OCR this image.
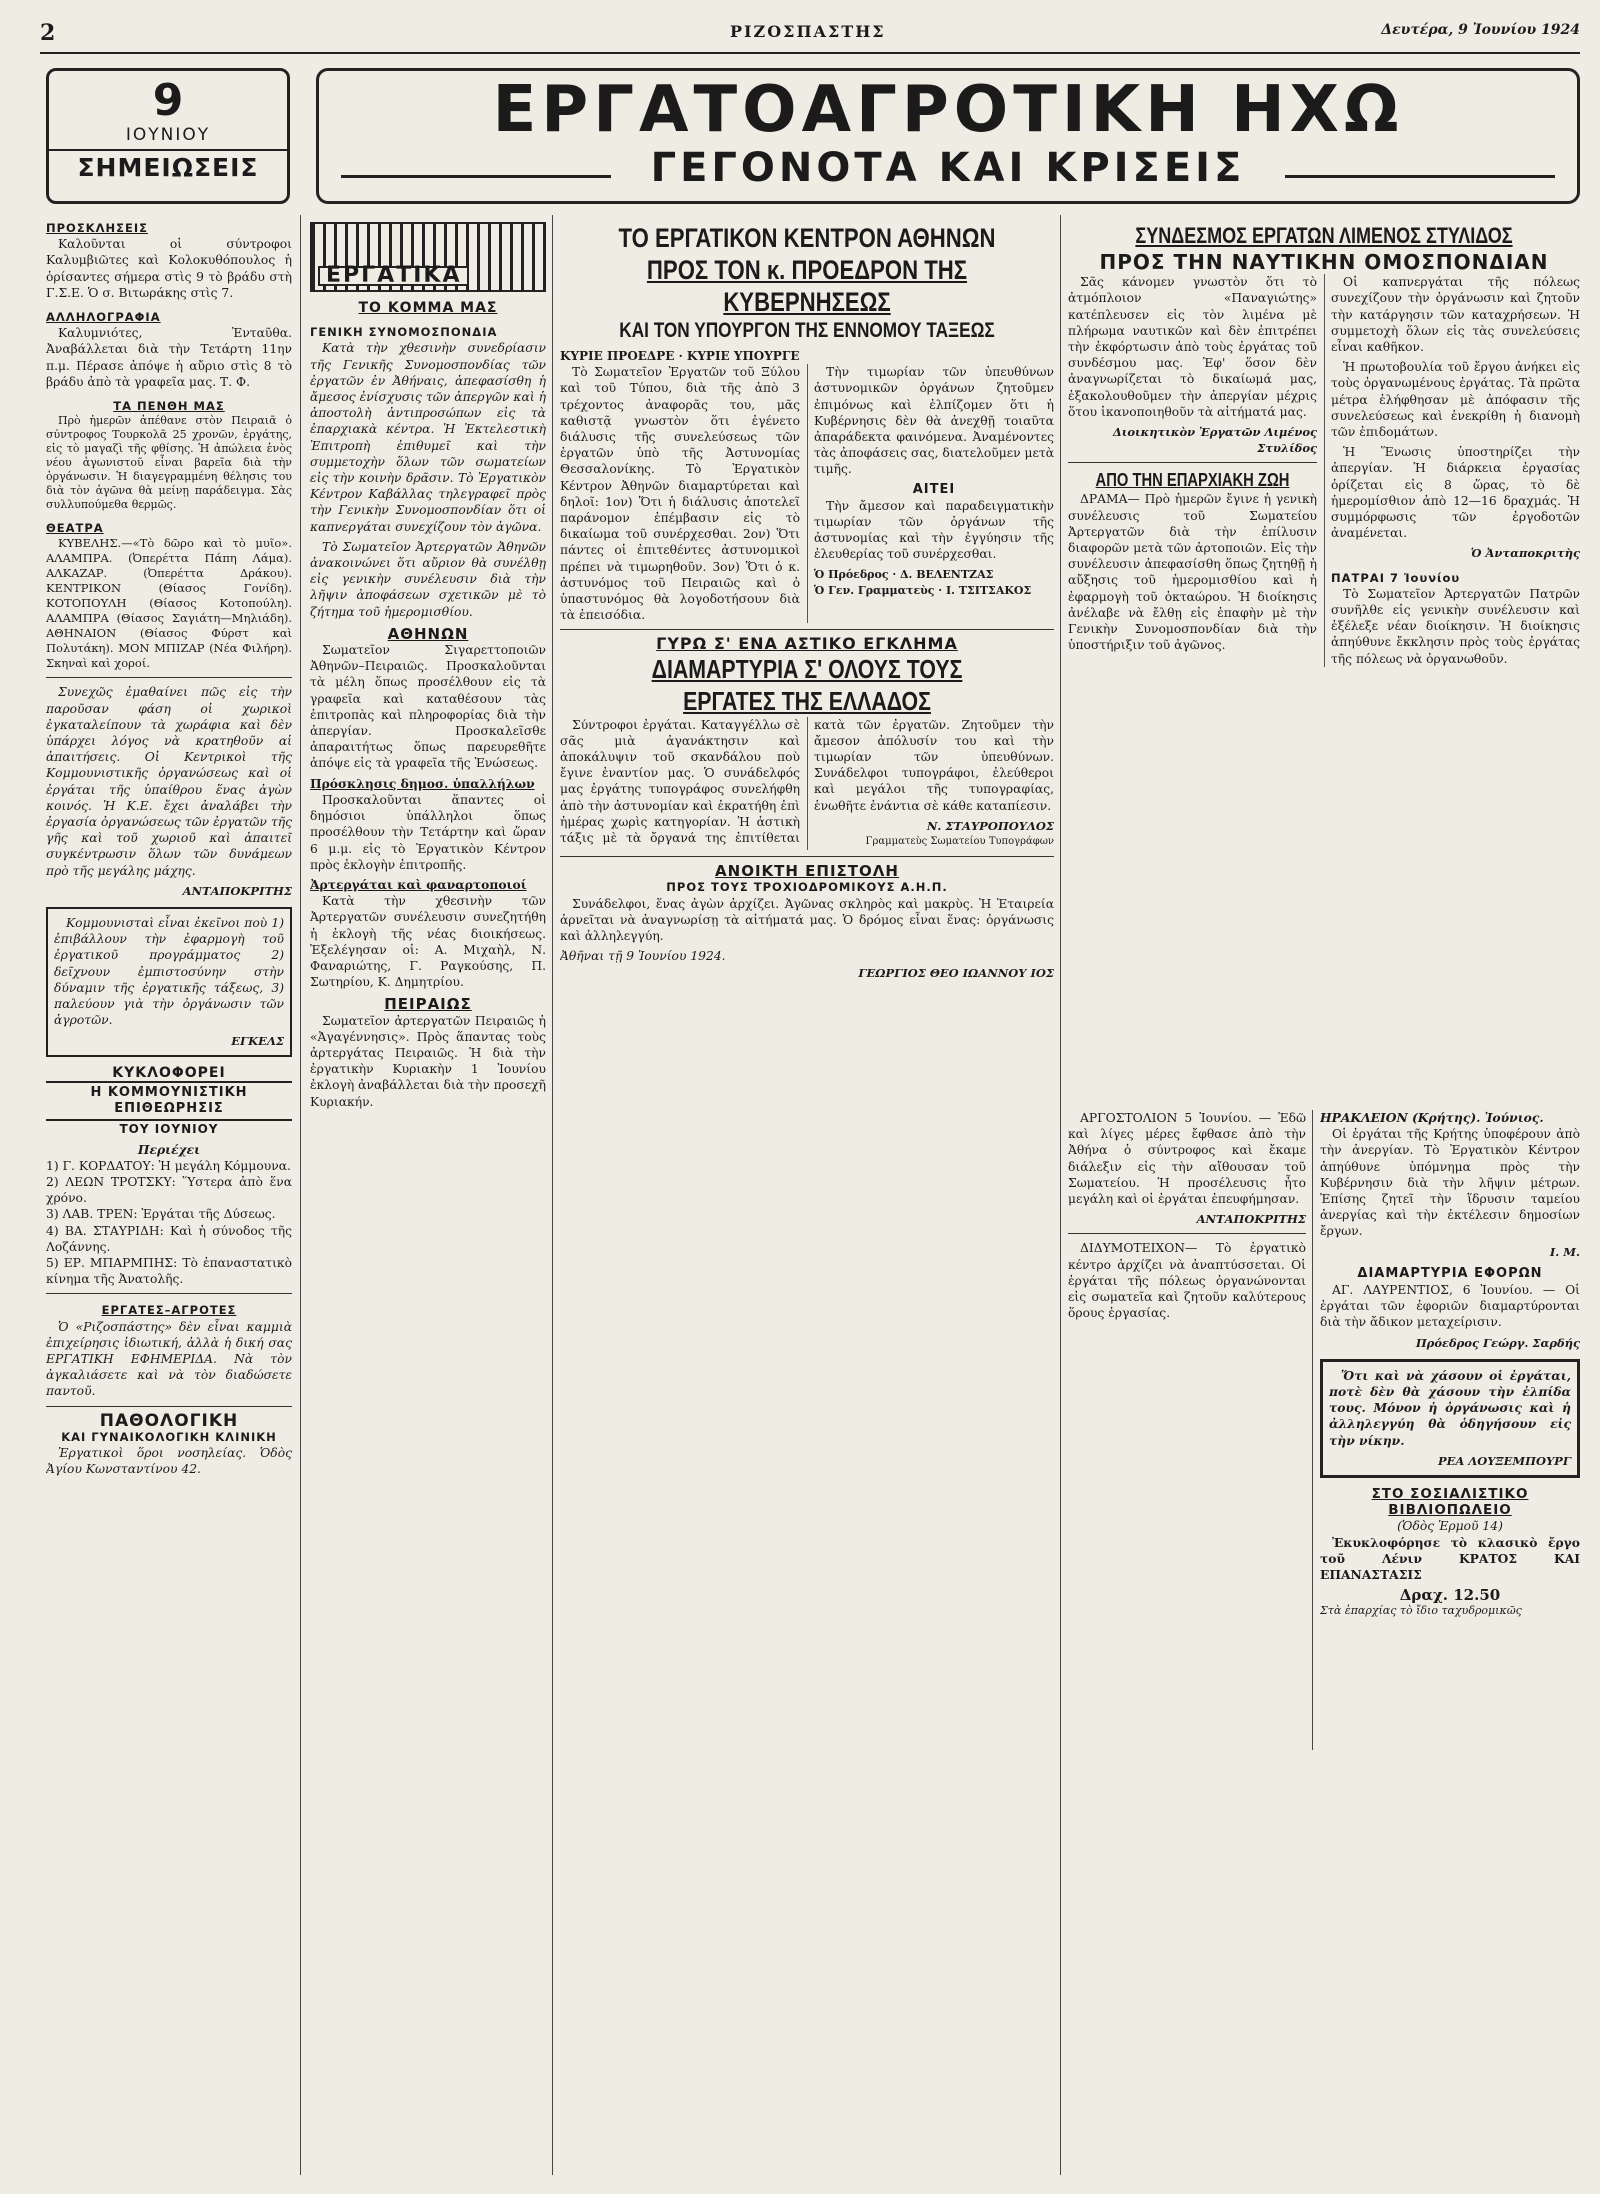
2	ΡΙΖΟΣΠΑΣΤΗΣ	Δευτέρα, 9 Ἰουνίου 1924
9
ΙΟΥΝΙΟΥ
ΣΗΜΕΙΩΣΕΙΣ
ΕΡΓΑΤΟΑΓΡΟΤΙΚΗ ΗΧΩ
ΓΕΓΟΝΟΤΑ ΚΑΙ ΚΡΙΣΕΙΣ
ΠΡΟΣΚΛΗΣΕΙΣ

Καλοῦνται οἱ σύντροφοι Καλυμβιῶτες καὶ Κολοκυθόπουλος ἡ ὁρίσαντες σήμερα στὶς 9 τὸ βράδυ στὴ Γ.Σ.Ε. Ὁ σ. Βιτωράκης στὶς 7.

ΑΛΛΗΛΟΓΡΑΦΙΑ

Καλυμνιότες, Ἐνταῦθα. Ἀναβάλλεται διὰ τὴν Τετάρτη 11ην π.μ. Πέρασε ἀπόψε ἡ αὔριο στὶς 8 τὸ βράδυ ἀπὸ τὰ γραφεῖα μας. Τ. Φ.

ΤΑ ΠΕΝΘΗ ΜΑΣ

Πρὸ ἡμερῶν ἀπέθανε στὸν Πειραιᾶ ὁ σύντροφος Τουρκολᾶ 25 χρονῶν, ἐργάτης, εἰς τὸ μαγαζὶ τῆς φθίσης. Ἡ ἀπώλεια ἑνὸς νέου ἀγωνιστοῦ εἶναι βαρεῖα διὰ τὴν ὀργάνωσιν. Ἡ διαγεγραμμένη θέλησις του διὰ τὸν ἀγῶνα θὰ μείνῃ παράδειγμα. Σὰς συλλυπούμεθα θερμῶς.

ΘΕΑΤΡΑ

ΚΥΒΕΛΗΣ.—«Τὸ δῶρο καὶ τὸ μυῖο». ΑΛΑΜΠΡΑ. (Ὀπερέττα Πάπη Λάμα). ΑΛΚΑΖΑΡ. (Ὀπερέττα Δράκου). ΚΕΝΤΡΙΚΟΝ (Θίασος Γονίδη). ΚΟΤΟΠΟΥΛΗ (Θίασος Κοτοπούλη). ΑΛΑΜΠΡΑ (Θίασος Σαγιάτη—Μηλιάδη). ΑΘΗΝΑΙΟΝ (Θίασος Φύρστ καὶ Πολυτάκη). ΜΟΝ ΜΠΙΖΑΡ (Νέα Φιλήρη). Σκηναὶ καὶ χοροί.

Συνεχῶς ἐμαθαίνει πῶς εἰς τὴν παροῦσαν φάση οἱ χωρικοὶ ἐγκαταλείπουν τὰ χωράφια καὶ δὲν ὑπάρχει λόγος νὰ κρατηθοῦν αἱ ἀπαιτήσεις. Οἱ Κεντρικοὶ τῆς Κομμουνιστικῆς ὀργανώσεως καὶ οἱ ἐργάται τῆς ὑπαίθρου ἕνας ἀγὼν κοινός. Ἡ Κ.Ε. ἔχει ἀναλάβει τὴν ἐργασία ὀργανώσεως τῶν ἐργατῶν τῆς γῆς καὶ τοῦ χωριοῦ καὶ ἀπαιτεῖ συγκέντρωσιν ὅλων τῶν δυνάμεων πρὸ τῆς μεγάλης μάχης.

ΑΝΤΑΠΟΚΡΙΤΗΣ

Κομμουνισταὶ εἶναι ἐκεῖνοι ποὺ 1) ἐπιβάλλουν τὴν ἐφαρμογὴ τοῦ ἐργατικοῦ προγράμματος 2) δεῖχνουν ἐμπιστοσύνην στὴν δύναμιν τῆς ἐργατικῆς τάξεως, 3) παλεύουν γιὰ τὴν ὀργάνωσιν τῶν ἀγροτῶν.

ΕΓΚΕΛΣ
ΚΥΚΛΟΦΟΡΕΙ
Η ΚΟΜΜΟΥΝΙΣΤΙΚΗ ΕΠΙΘΕΩΡΗΣΙΣ
ΤΟΥ ΙΟΥΝΙΟΥ
Περιέχει
1) Γ. ΚΟΡΔΑΤΟΥ: Ἡ μεγάλη Κόμμουνα.
2) ΛΕΩΝ ΤΡΟΤΣΚΥ: Ὕστερα ἀπὸ ἕνα χρόνο.
3) ΛΑΒ. ΤΡΕΝ: Ἐργάται τῆς Δύσεως.
4) ΒΑ. ΣΤΑΥΡΙΔΗ: Καὶ ἡ σύνοδος τῆς Λοζάννης.
5) ΕΡ. ΜΠΑΡΜΠΗΣ: Τὸ ἐπαναστατικὸ κίνημα τῆς Ἀνατολῆς.
ΕΡΓΑΤΕΣ–ΑΓΡΟΤΕΣ

Ὁ «Ριζοσπάστης» δὲν εἶναι καμμιὰ ἐπιχείρησις ἰδιωτική, ἀλλὰ ἡ δική σας ΕΡΓΑΤΙΚΗ ΕΦΗΜΕΡΙΔΑ. Νὰ τὸν ἀγκαλιάσετε καὶ νὰ τὸν διαδώσετε παντοῦ.

ΠΑΘΟΛΟΓΙΚΗ
ΚΑΙ ΓΥΝΑΙΚΟΛΟΓΙΚΗ ΚΛΙΝΙΚΗ

Ἐργατικοὶ ὅροι νοσηλείας. Ὁδὸς Ἀγίου Κωνσταντίνου 42.

ΕΡΓΑΤΙΚΑ
ΤΟ ΚΟΜΜΑ ΜΑΣ
ΓΕΝΙΚΗ ΣΥΝΟΜΟΣΠΟΝΔΙΑ

Κατὰ τὴν χθεσινὴν συνεδρίασιν τῆς Γενικῆς Συνομοσπονδίας τῶν ἐργατῶν ἐν Ἀθήναις, ἀπεφασίσθη ἡ ἄμεσος ἐνίσχυσις τῶν ἀπεργῶν καὶ ἡ ἀποστολὴ ἀντιπροσώπων εἰς τὰ ἐπαρχιακὰ κέντρα. Ἡ Ἐκτελεστικὴ Ἐπιτροπὴ ἐπιθυμεῖ καὶ τὴν συμμετοχὴν ὅλων τῶν σωματείων εἰς τὴν κοινὴν δρᾶσιν. Τὸ Ἐργατικὸν Κέντρον Καβάλλας τηλεγραφεῖ πρὸς τὴν Γενικὴν Συνομοσπονδίαν ὅτι οἱ καπνεργάται συνεχίζουν τὸν ἀγῶνα.

Τὸ Σωματεῖον Ἀρτεργατῶν Ἀθηνῶν ἀνακοινώνει ὅτι αὔριον θὰ συνέλθῃ εἰς γενικὴν συνέλευσιν διὰ τὴν λῆψιν ἀποφάσεων σχετικῶν μὲ τὸ ζήτημα τοῦ ἡμερομισθίου.

ΑΘΗΝΩΝ

Σωματεῖον Σιγαρεττοποιῶν Ἀθηνῶν–Πειραιῶς. Προσκαλοῦνται τὰ μέλη ὅπως προσέλθουν εἰς τὰ γραφεῖα καὶ καταθέσουν τὰς ἐπιτροπὰς καὶ πληροφορίας διὰ τὴν ἀπεργίαν. Προσκαλεῖσθε ἀπαραιτήτως ὅπως παρευρεθῆτε ἀπόψε εἰς τὰ γραφεῖα τῆς Ἑνώσεως.

Πρόσκλησις δημοσ. ὑπαλλήλων

Προσκαλοῦνται ἅπαντες οἱ δημόσιοι ὑπάλληλοι ὅπως προσέλθουν τὴν Τετάρτην καὶ ὥραν 6 μ.μ. εἰς τὸ Ἐργατικὸν Κέντρον πρὸς ἐκλογὴν ἐπιτροπῆς.

Ἀρτεργάται καὶ φαναρτοποιοί

Κατὰ τὴν χθεσινὴν τῶν Ἀρτεργατῶν συνέλευσιν συνεζητήθη ἡ ἐκλογὴ τῆς νέας διοικήσεως. Ἐξελέγησαν οἱ: Α. Μιχαὴλ, Ν. Φαναριώτης, Γ. Ραγκούσης, Π. Σωτηρίου, Κ. Δημητρίου.

ΠΕΙΡΑΙΩΣ

Σωματεῖον ἀρτεργατῶν Πειραιῶς ἡ «Ἀγαγέννησις». Πρὸς ἅπαντας τοὺς ἀρτεργάτας Πειραιῶς. Ἡ διὰ τὴν ἐργατικὴν Κυριακὴν 1 Ἰουνίου ἐκλογὴ ἀναβάλλεται διὰ τὴν προσεχῆ Κυριακήν.

ΤΟ ΕΡΓΑΤΙΚΟΝ ΚΕΝΤΡΟΝ ΑΘΗΝΩΝ
ΠΡΟΣ ΤΟΝ κ. ΠΡΟΕΔΡΟΝ ΤΗΣ ΚΥΒΕΡΝΗΣΕΩΣ
ΚΑΙ ΤΟΝ ΥΠΟΥΡΓΟΝ ΤΗΣ ΕΝΝΟΜΟΥ ΤΑΞΕΩΣ
ΚΥΡΙΕ ΠΡΟΕΔΡΕ · ΚΥΡΙΕ ΥΠΟΥΡΓΕ

Τὸ Σωματεῖον Ἐργατῶν τοῦ Ξύλου καὶ τοῦ Τύπου, διὰ τῆς ἀπὸ 3 τρέχοντος ἀναφορᾶς του, μᾶς καθιστᾷ γνωστὸν ὅτι ἐγένετο διάλυσις τῆς συνελεύσεως τῶν ἐργατῶν ὑπὸ τῆς Ἀστυνομίας Θεσσαλονίκης. Τὸ Ἐργατικὸν Κέντρον Ἀθηνῶν διαμαρτύρεται καὶ δηλοῖ: 1ον) Ὅτι ἡ διάλυσις ἀποτελεῖ παράνομον ἐπέμβασιν εἰς τὸ δικαίωμα τοῦ συνέρχεσθαι. 2ον) Ὅτι πάντες οἱ ἐπιτεθέντες ἀστυνομικοὶ πρέπει νὰ τιμωρηθοῦν. 3ον) Ὅτι ὁ κ. ἀστυνόμος τοῦ Πειραιῶς καὶ ὁ ὑπαστυνόμος θὰ λογοδοτήσουν διὰ τὰ ἐπεισόδια.

Τὴν τιμωρίαν τῶν ὑπευθύνων ἀστυνομικῶν ὀργάνων ζητοῦμεν ἐπιμόνως καὶ ἐλπίζομεν ὅτι ἡ Κυβέρνησις δὲν θὰ ἀνεχθῇ τοιαῦτα ἀπαράδεκτα φαινόμενα. Ἀναμένοντες τὰς ἀποφάσεις σας, διατελοῦμεν μετὰ τιμῆς.

ΑΙΤΕΙ

Τὴν ἄμεσον καὶ παραδειγματικὴν τιμωρίαν τῶν ὀργάνων τῆς ἀστυνομίας καὶ τὴν ἐγγύησιν τῆς ἐλευθερίας τοῦ συνέρχεσθαι.

Ὁ Πρόεδρος · Δ. ΒΕΛΕΝΤΖΑΣ
Ὁ Γεν. Γραμματεὺς · Ι. ΤΣΙΤΣΑΚΟΣ
ΓΥΡΩ Σ' ΕΝΑ ΑΣΤΙΚΟ ΕΓΚΛΗΜΑ
ΔΙΑΜΑΡΤΥΡΙΑ Σ' ΟΛΟΥΣ ΤΟΥΣ ΕΡΓΑΤΕΣ ΤΗΣ ΕΛΛΑΔΟΣ

Σύντροφοι ἐργάται. Καταγγέλλω σὲ σᾶς μιὰ ἀγανάκτησιν καὶ ἀποκάλυψιν τοῦ σκανδάλου ποὺ ἔγινε ἐναντίον μας. Ὁ συνάδελφός μας ἐργάτης τυπογράφος συνελήφθη ἀπὸ τὴν ἀστυνομίαν καὶ ἐκρατήθη ἐπὶ ἡμέρας χωρὶς κατηγορίαν. Ἡ ἀστικὴ τάξις μὲ τὰ ὄργανά της ἐπιτίθεται κατὰ τῶν ἐργατῶν. Ζητοῦμεν τὴν ἄμεσον ἀπόλυσίν του καὶ τὴν τιμωρίαν τῶν ὑπευθύνων. Συνάδελφοι τυπογράφοι, ἐλεύθεροι καὶ μεγάλοι τῆς τυπογραφίας, ἑνωθῆτε ἐνάντια σὲ κάθε καταπίεσιν.

Ν. ΣΤΑΥΡΟΠΟΥΛΟΣ
Γραμματεὺς Σωματείου Τυπογράφων
ΑΝΟΙΚΤΗ ΕΠΙΣΤΟΛΗ
ΠΡΟΣ ΤΟΥΣ ΤΡΟΧΙΟΔΡΟΜΙΚΟΥΣ Α.Η.Π.

Συνάδελφοι, ἕνας ἀγὼν ἀρχίζει. Ἀγῶνας σκληρὸς καὶ μακρὺς. Ἡ Ἑταιρεία ἀρνεῖται νὰ ἀναγνωρίσῃ τὰ αἰτήματά μας. Ὁ δρόμος εἶναι ἕνας: ὀργάνωσις καὶ ἀλληλεγγύη.

Ἀθῆναι τῇ 9 Ἰουνίου 1924.
ΓΕΩΡΓΙΟΣ ΘΕΟ ΙΩΑΝΝΟΥ ΙΟΣ
ΣΥΝΔΕΣΜΟΣ ΕΡΓΑΤΩΝ ΛΙΜΕΝΟΣ ΣΤΥΛΙΔΟΣ
ΠΡΟΣ ΤΗΝ ΝΑΥΤΙΚΗΝ ΟΜΟΣΠΟΝΔΙΑΝ

Σᾶς κάνομεν γνωστὸν ὅτι τὸ ἀτμόπλοιον «Παναγιώτης» κατέπλευσεν εἰς τὸν λιμένα μὲ πλήρωμα ναυτικῶν καὶ δὲν ἐπιτρέπει τὴν ἐκφόρτωσιν ἀπὸ τοὺς ἐργάτας τοῦ συνδέσμου μας. Ἐφ' ὅσον δὲν ἀναγνωρίζεται τὸ δικαίωμά μας, ἐξακολουθοῦμεν τὴν ἀπεργίαν μέχρις ὅτου ἱκανοποιηθοῦν τὰ αἰτήματά μας.

Διοικητικὸν Ἐργατῶν Λιμένος Στυλίδος
ΑΠΟ ΤΗΝ ΕΠΑΡΧΙΑΚΗ ΖΩΗ

ΔΡΑΜΑ— Πρὸ ἡμερῶν ἔγινε ἡ γενικὴ συνέλευσις τοῦ Σωματείου Ἀρτεργατῶν διὰ τὴν ἐπίλυσιν διαφορῶν μετὰ τῶν ἀρτοποιῶν. Εἰς τὴν συνέλευσιν ἀπεφασίσθη ὅπως ζητηθῇ ἡ αὔξησις τοῦ ἡμερομισθίου καὶ ἡ ἐφαρμογὴ τοῦ ὀκταώρου. Ἡ διοίκησις ἀνέλαβε νὰ ἔλθῃ εἰς ἐπαφὴν μὲ τὴν Γενικὴν Συνομοσπονδίαν διὰ τὴν ὑποστήριξιν τοῦ ἀγῶνος.

Οἱ καπνεργάται τῆς πόλεως συνεχίζουν τὴν ὀργάνωσιν καὶ ζητοῦν τὴν κατάργησιν τῶν καταχρήσεων. Ἡ συμμετοχὴ ὅλων εἰς τὰς συνελεύσεις εἶναι καθῆκον.

Ἡ πρωτοβουλία τοῦ ἔργου ἀνήκει εἰς τοὺς ὀργανωμένους ἐργάτας. Τὰ πρῶτα μέτρα ἐλήφθησαν μὲ ἀπόφασιν τῆς συνελεύσεως καὶ ἐνεκρίθη ἡ διανομὴ τῶν ἐπιδομάτων.

Ἡ Ἕνωσις ὑποστηρίζει τὴν ἀπεργίαν. Ἡ διάρκεια ἐργασίας ὁρίζεται εἰς 8 ὥρας, τὸ δὲ ἡμερομίσθιον ἀπὸ 12—16 δραχμάς. Ἡ συμμόρφωσις τῶν ἐργοδοτῶν ἀναμένεται.

Ὁ Ἀνταποκριτὴς
ΠΑΤΡΑΙ 7 Ἰουνίου

Τὸ Σωματεῖον Ἀρτεργατῶν Πατρῶν συνῆλθε εἰς γενικὴν συνέλευσιν καὶ ἐξέλεξε νέαν διοίκησιν. Ἡ διοίκησις ἀπηύθυνε ἔκκλησιν πρὸς τοὺς ἐργάτας τῆς πόλεως νὰ ὀργανωθοῦν.

ΑΡΓΟΣΤΟΛΙΟΝ 5 Ἰουνίου. — Ἐδῶ καὶ λίγες μέρες ἔφθασε ἀπὸ τὴν Ἀθήνα ὁ σύντροφος καὶ ἔκαμε διάλεξιν εἰς τὴν αἴθουσαν τοῦ Σωματείου. Ἡ προσέλευσις ἦτο μεγάλη καὶ οἱ ἐργάται ἐπευφήμησαν.

ΑΝΤΑΠΟΚΡΙΤΗΣ

ΔΙΔΥΜΟΤΕΙΧΟΝ— Τὸ ἐργατικὸ κέντρο ἀρχίζει νὰ ἀναπτύσσεται. Οἱ ἐργάται τῆς πόλεως ὀργανώνονται εἰς σωματεῖα καὶ ζητοῦν καλύτερους ὅρους ἐργασίας.

ΗΡΑΚΛΕΙΟΝ (Κρήτης). Ἰούνιος.

Οἱ ἐργάται τῆς Κρήτης ὑποφέρουν ἀπὸ τὴν ἀνεργίαν. Τὸ Ἐργατικὸν Κέντρον ἀπηύθυνε ὑπόμνημα πρὸς τὴν Κυβέρνησιν διὰ τὴν λῆψιν μέτρων. Ἐπίσης ζητεῖ τὴν ἵδρυσιν ταμείου ἀνεργίας καὶ τὴν ἐκτέλεσιν δημοσίων ἔργων.

Ι. Μ.
ΔΙΑΜΑΡΤΥΡΙΑ ΕΦΟΡΩΝ

ΑΓ. ΛΑΥΡΕΝΤΙΟΣ, 6 Ἰουνίου. — Οἱ ἐργάται τῶν ἐφοριῶν διαμαρτύρονται διὰ τὴν ἄδικον μεταχείρισιν.

Πρόεδρος Γεώργ. Σαρδής

Ὅτι καὶ νὰ χάσουν οἱ ἐργάται, ποτὲ δὲν θὰ χάσουν τὴν ἐλπίδα τους. Μόνον ἡ ὀργάνωσις καὶ ἡ ἀλληλεγγύη θὰ ὁδηγήσουν εἰς τὴν νίκην.

ΡΕΑ ΛΟΥΞΕΜΠΟΥΡΓ
ΣΤΟ ΣΟΣΙΑΛΙΣΤΙΚΟ ΒΙΒΛΙΟΠΩΛΕΙΟ
(Ὁδὸς Ἑρμοῦ 14)

Ἐκυκλοφόρησε τὸ κλασικὸ ἔργο τοῦ Λένιν ΚΡΑΤΟΣ ΚΑΙ ΕΠΑΝΑΣΤΑΣΙΣ

Δραχ. 12.50
Στὰ ἐπαρχίας τὸ ἴδιο ταχυδρομικῶς
